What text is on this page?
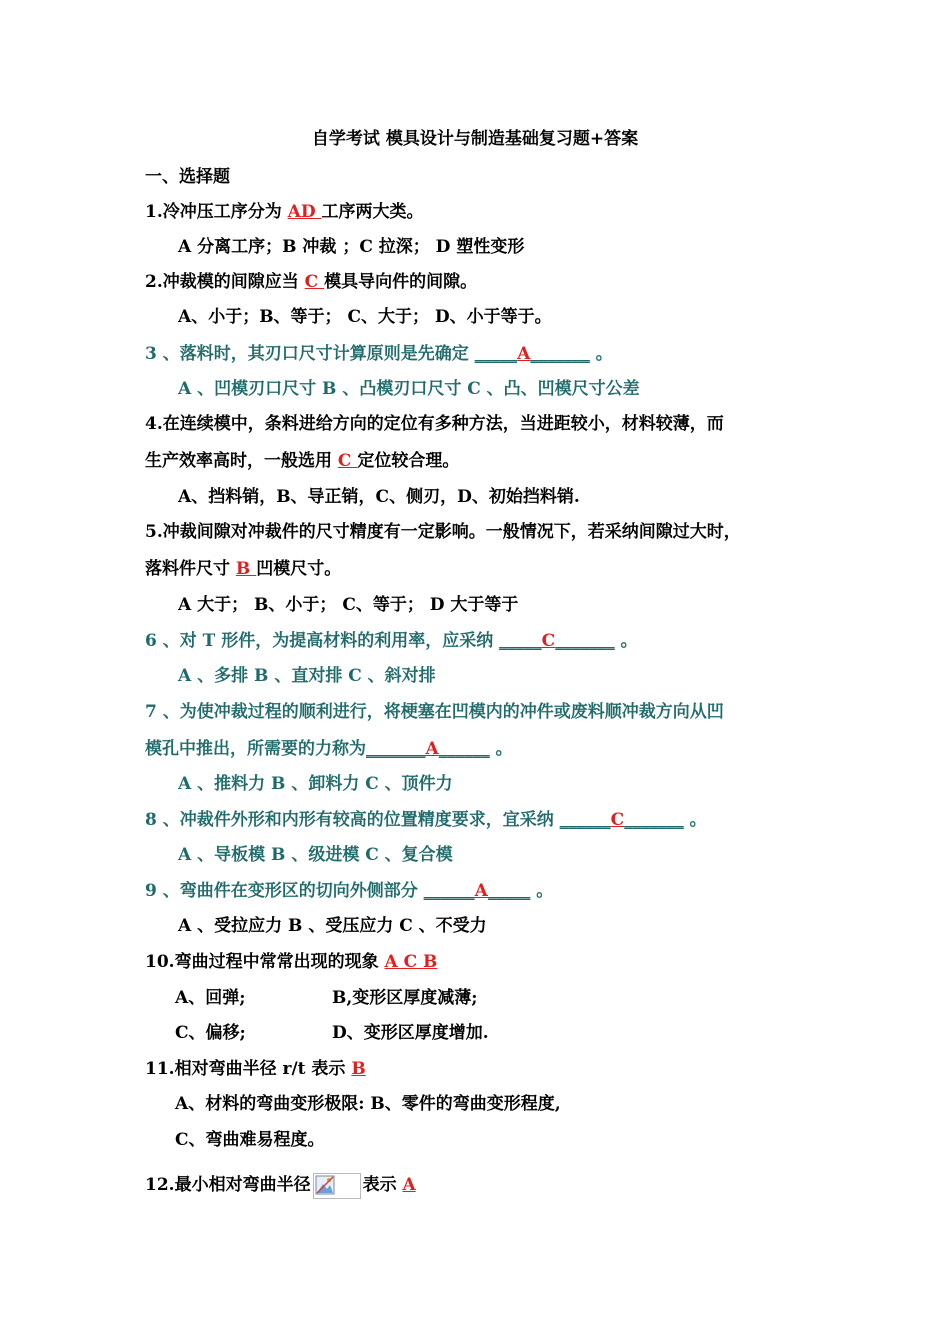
自学考试 模具设计与制造基础复习题+答案
一、选择题
1.冷冲压工序分为 AD 工序两大类。
A 分离工序；B 冲裁 ；C 拉深； D 塑性变形
2.冲裁模的间隙应当 C 模具导向件的间隙。
A、小于；B、等于； C、大于； D、小于等于。
3 、落料时，其刃口尺寸计算原则是先确定 _____A_______ 。
A 、凹模刃口尺寸 B 、凸模刃口尺寸 C 、凸、凹模尺寸公差
4.在连续模中，条料进给方向的定位有多种方法，当进距较小，材料较薄，而
生产效率高时，一般选用 C 定位较合理。
A、挡料销，B、导正销，C、侧刃，D、初始挡料销.
5.冲裁间隙对冲裁件的尺寸精度有一定影响。一般情况下，若采纳间隙过大时，
落料件尺寸 B 凹模尺寸。
A 大于； B、小于； C、等于； D 大于等于
6 、对 T 形件，为提高材料的利用率，应采纳 _____C_______ 。
A 、多排 B 、直对排 C 、斜对排
7 、为使冲裁过程的顺利进行，将梗塞在凹模内的冲件或废料顺冲裁方向从凹
模孔中推出，所需要的力称为_______A______ 。
A 、推料力 B 、卸料力 C 、顶件力
8 、冲裁件外形和内形有较高的位置精度要求，宜采纳 ______C_______ 。
A 、导板模 B 、级进模 C 、复合模
9 、弯曲件在变形区的切向外侧部分 ______A_____ 。
A 、受拉应力 B 、受压应力 C 、不受力
10.弯曲过程中常常出现的现象 A C B
A、回弹;	B,变形区厚度减薄;
C、偏移;	D、变形区厚度增加.
11.相对弯曲半径 r/t 表示 B
A、材料的弯曲变形极限: B、零件的弯曲变形程度,
C、弯曲难易程度。
12.最小相对弯曲半径	表示 A
